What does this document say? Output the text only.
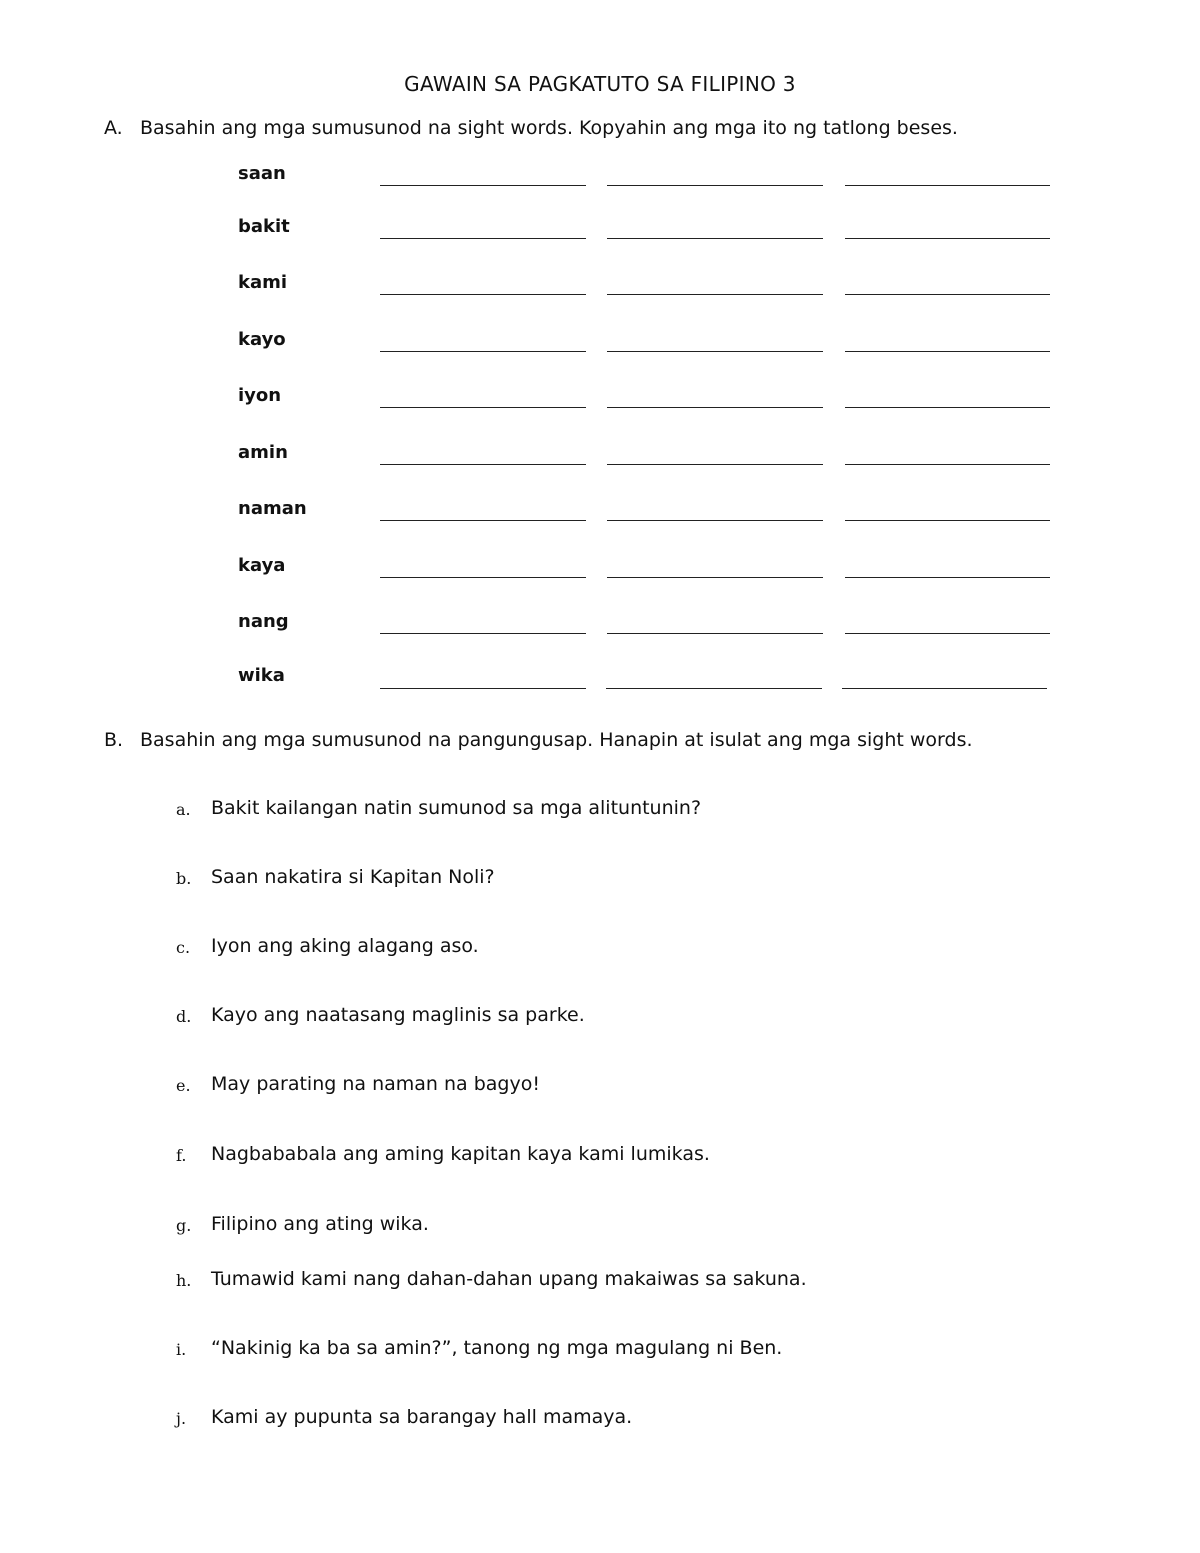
GAWAIN SA PAGKATUTO SA FILIPINO 3
A. Basahin ang mga sumusunod na sight words. Kopyahin ang mga ito ng tatlong beses.
saan
bakit
kami
kayo
iyon
amin
naman
kaya
nang
wika
B. Basahin ang mga sumusunod na pangungusap. Hanapin at isulat ang mga sight words.
a. Bakit kailangan natin sumunod sa mga alituntunin?
b. Saan nakatira si Kapitan Noli?
c. Iyon ang aking alagang aso.
d. Kayo ang naatasang maglinis sa parke.
e. May parating na naman na bagyo!
f. Nagbababala ang aming kapitan kaya kami lumikas.
g. Filipino ang ating wika.
h. Tumawid kami nang dahan-dahan upang makaiwas sa sakuna.
i. “Nakinig ka ba sa amin?”, tanong ng mga magulang ni Ben.
j. Kami ay pupunta sa barangay hall mamaya.
